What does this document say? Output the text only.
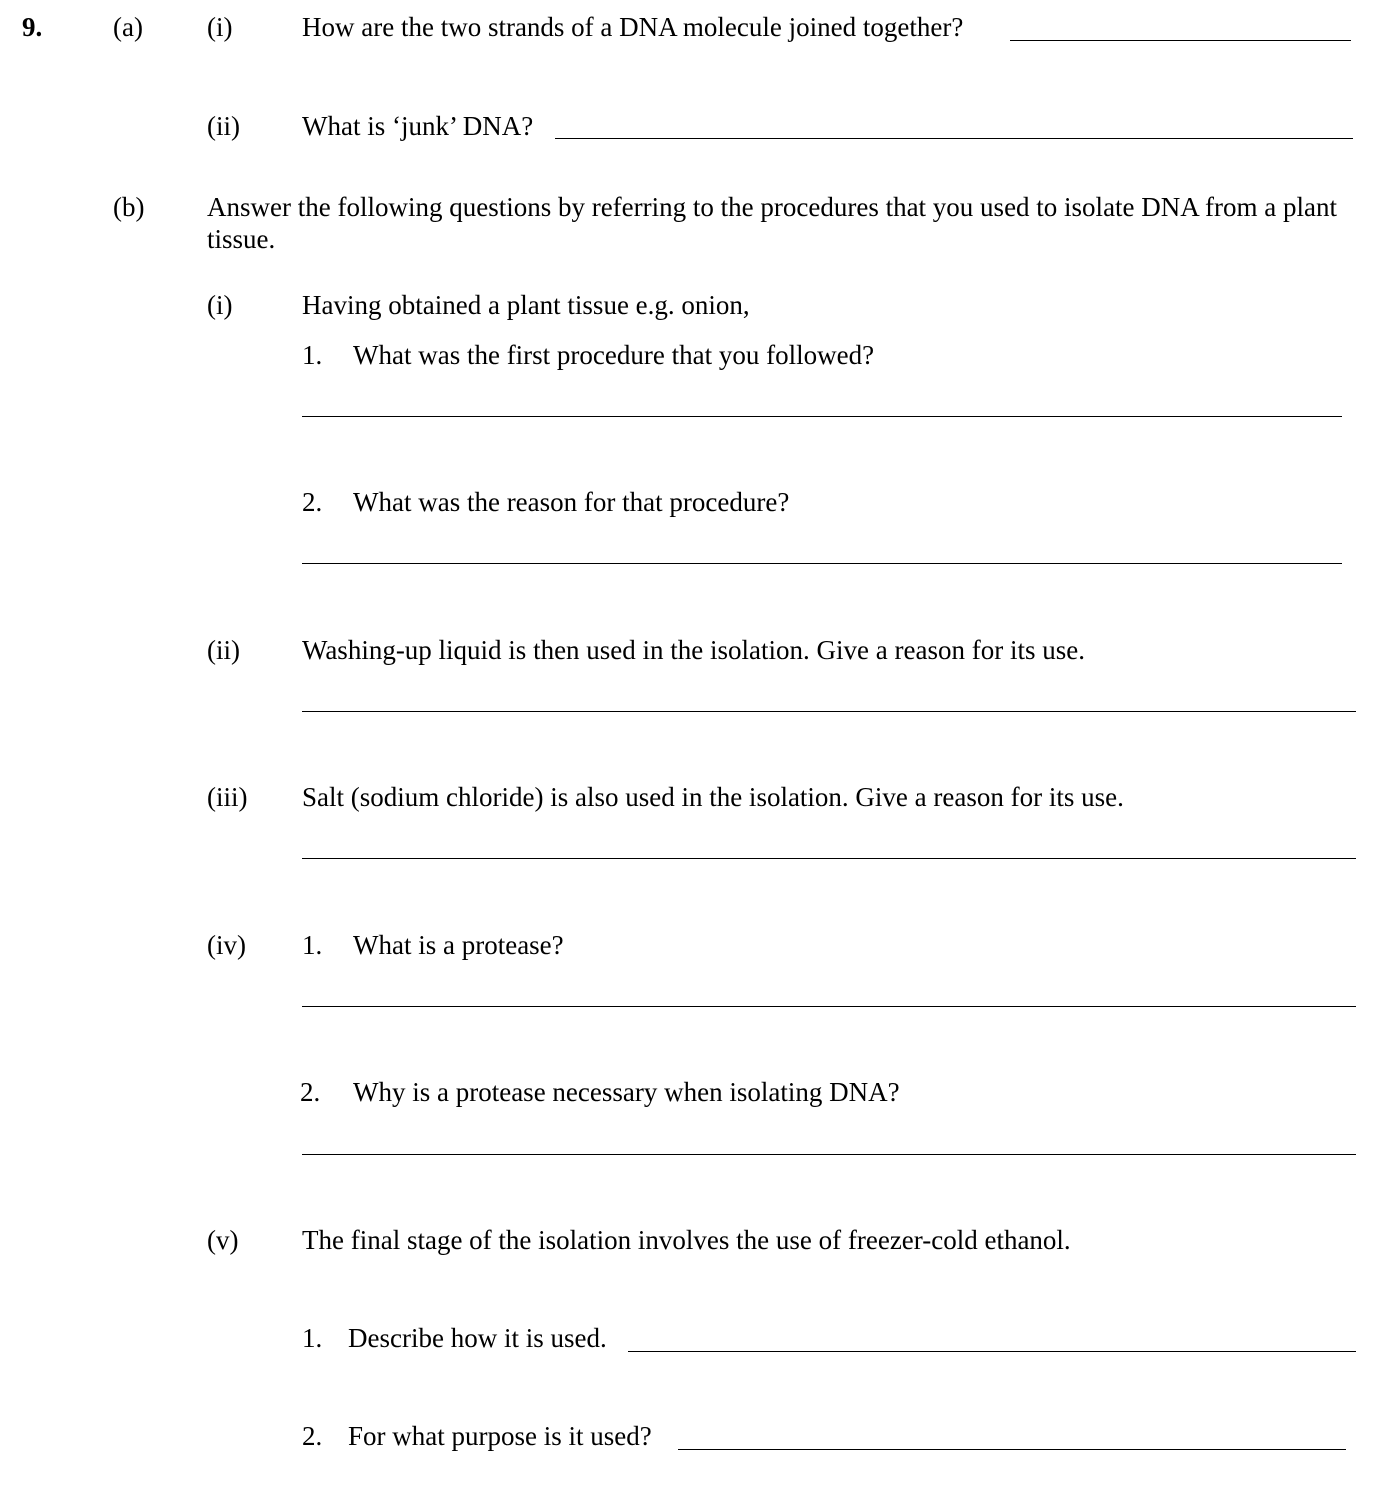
9.	(a) (i)	How are the two strands of a DNA molecule joined together?
(ii) What is ‘junk’ DNA?
(b) Answer the following questions by referring to the procedures that you used to isolate DNA from a plant tissue.
(i)	Having obtained a plant tissue e.g. onion,
1. What was the first procedure that you followed?
2. What was the reason for that procedure?
(ii) Washing-up liquid is then used in the isolation. Give a reason for its use.
(iii) Salt (sodium chloride) is also used in the isolation. Give a reason for its use.
(iv) 1. What is a protease?
2. Why is a protease necessary when isolating DNA?
(v) The final stage of the isolation involves the use of freezer-cold ethanol.
1. Describe how it is used.
2. For what purpose is it used?
